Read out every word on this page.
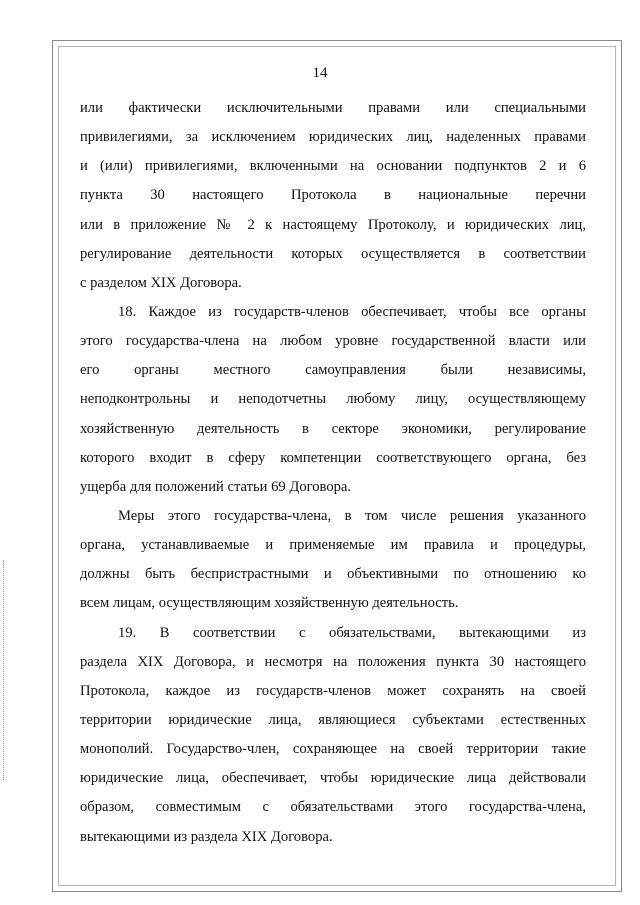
14
или фактически исключительными правами или специальными
привилегиями, за исключением юридических лиц, наделенных правами
и (или) привилегиями, включенными на основании подпунктов 2 и 6
пункта 30 настоящего Протокола в национальные перечни
или в приложение № 2 к настоящему Протоколу, и юридических лиц,
регулирование деятельности которых осуществляется в соответствии
с разделом XIX Договора.
18. Каждое из государств-членов обеспечивает, чтобы все органы
этого государства-члена на любом уровне государственной власти или
его органы местного самоуправления были независимы,
неподконтрольны и неподотчетны любому лицу, осуществляющему
хозяйственную деятельность в секторе экономики, регулирование
которого входит в сферу компетенции соответствующего органа, без
ущерба для положений статьи 69 Договора.
Меры этого государства-члена, в том числе решения указанного
органа, устанавливаемые и применяемые им правила и процедуры,
должны быть беспристрастными и объективными по отношению ко
всем лицам, осуществляющим хозяйственную деятельность.
19. В соответствии с обязательствами, вытекающими из
раздела XIX Договора, и несмотря на положения пункта 30 настоящего
Протокола, каждое из государств-членов может сохранять на своей
территории юридические лица, являющиеся субъектами естественных
монополий. Государство-член, сохраняющее на своей территории такие
юридические лица, обеспечивает, чтобы юридические лица действовали
образом, совместимым с обязательствами этого государства-члена,
вытекающими из раздела XIX Договора.
